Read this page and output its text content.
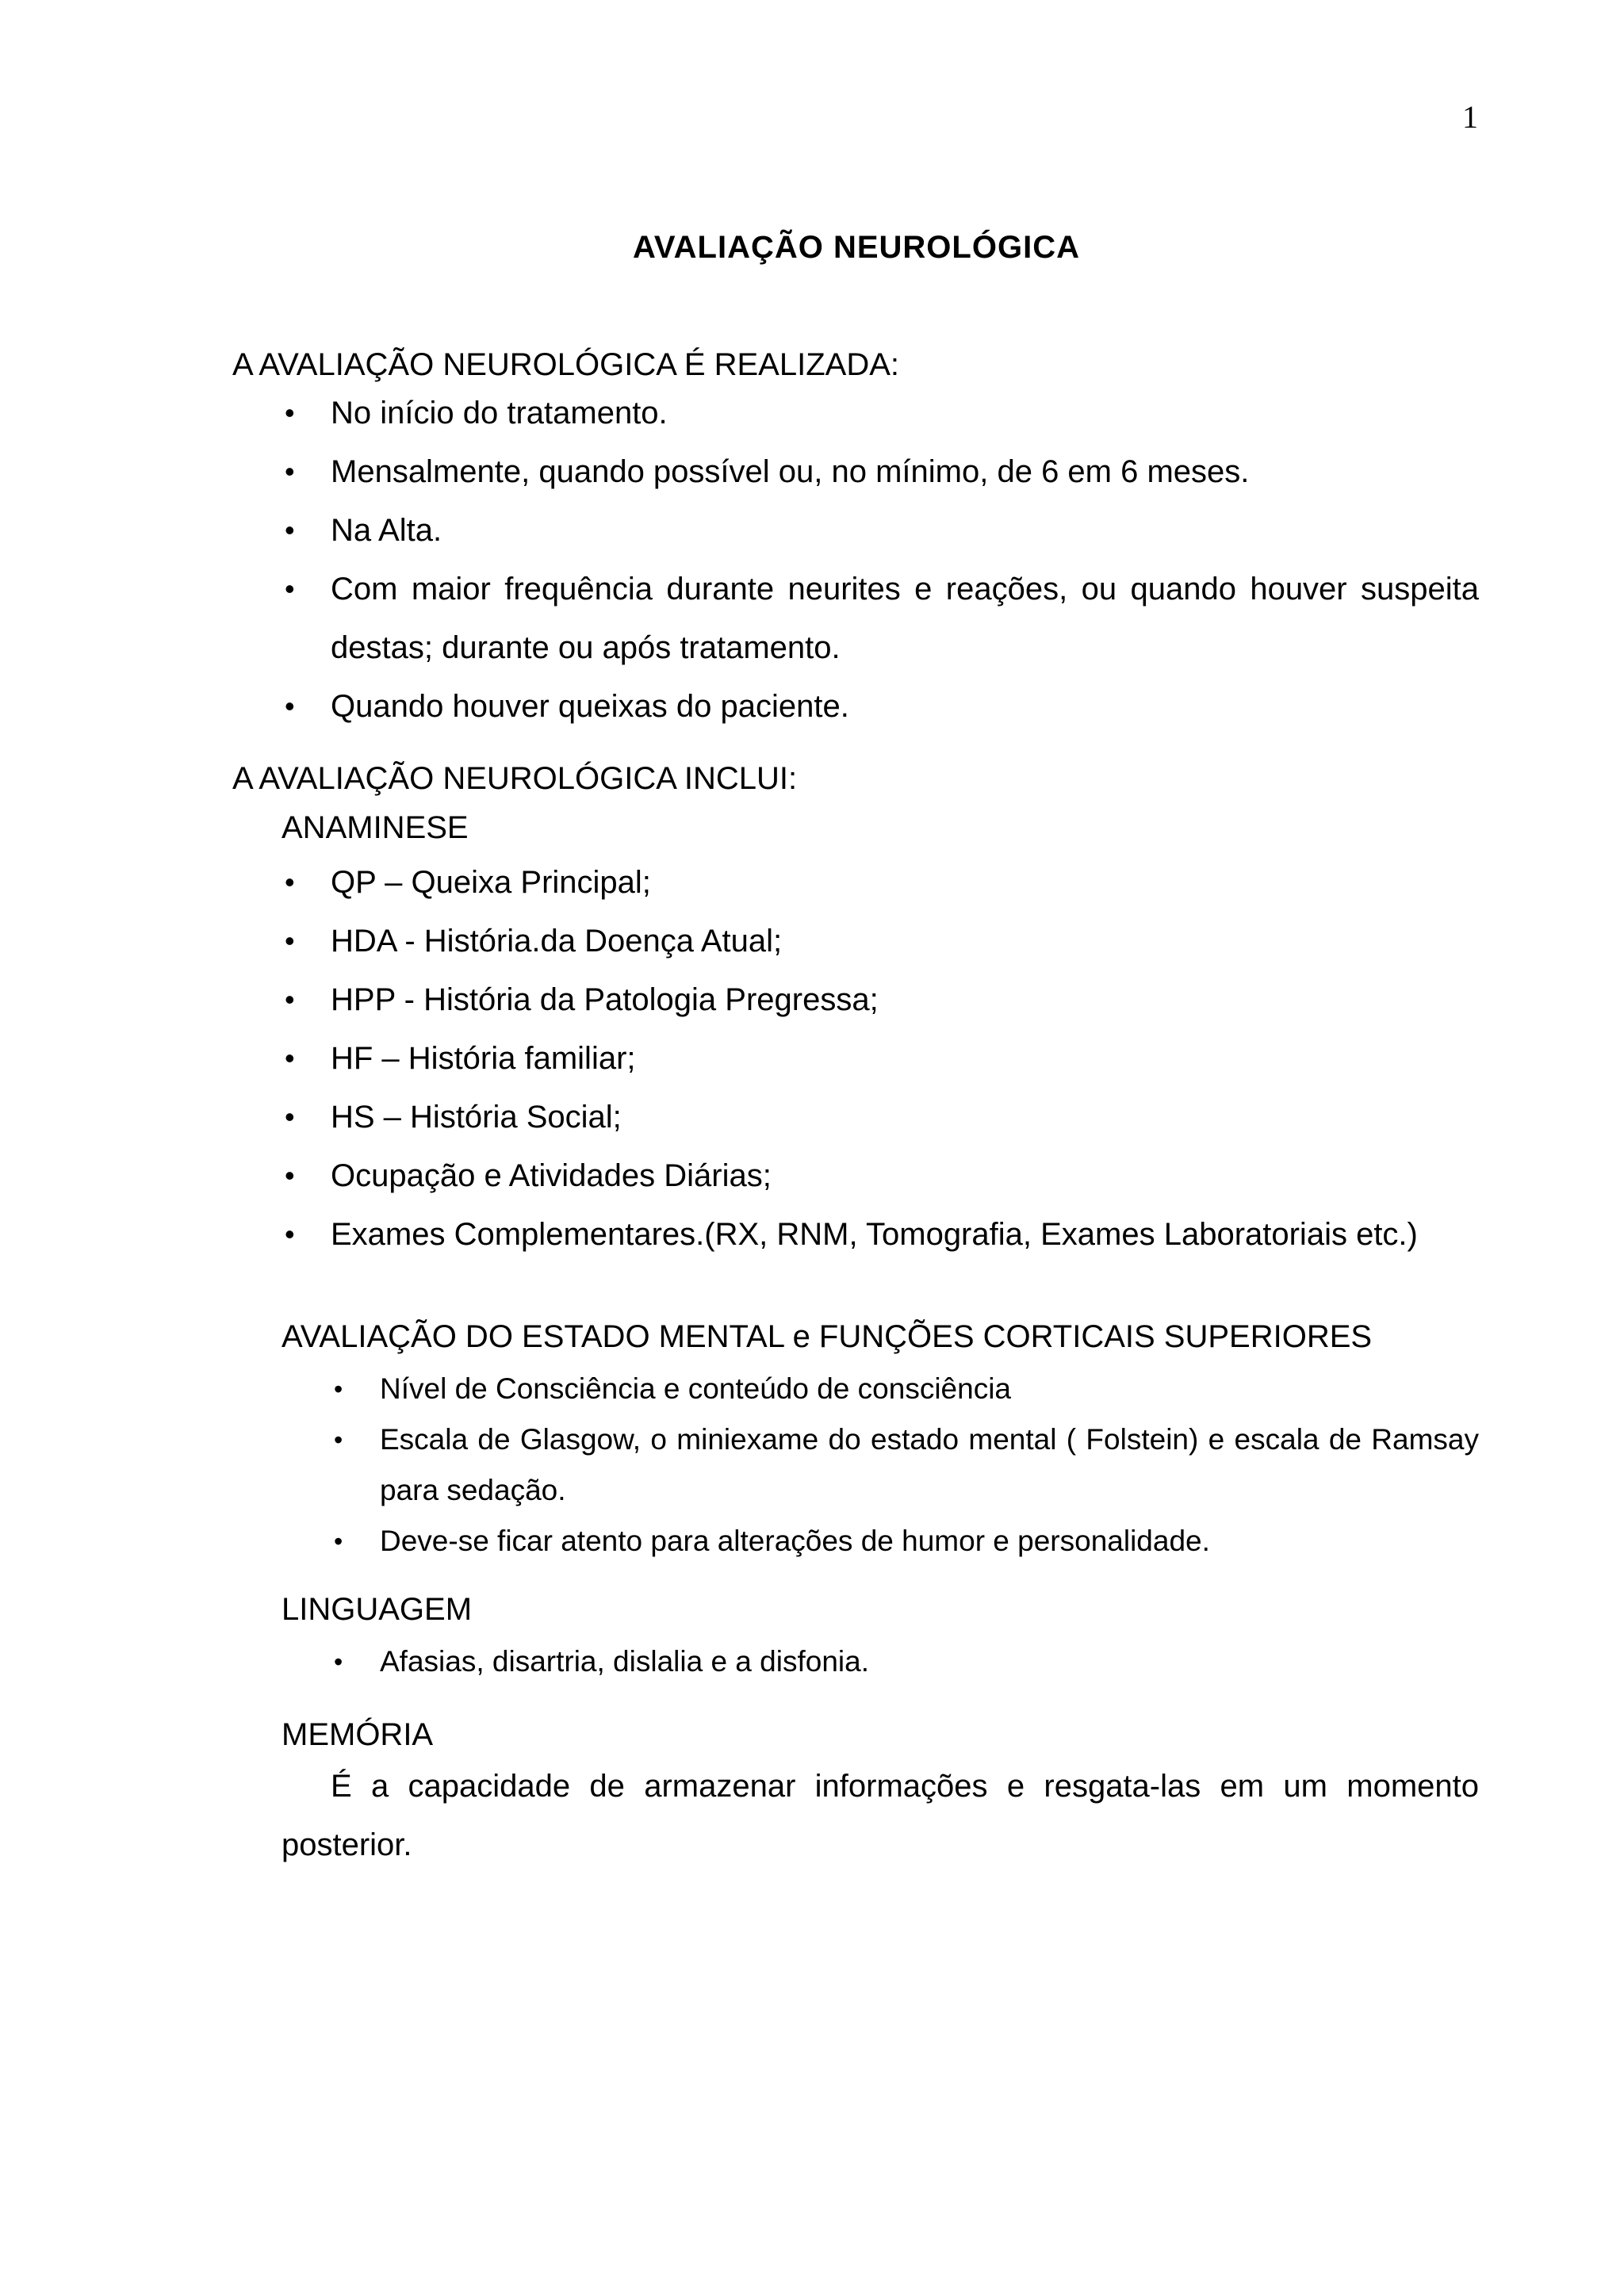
1
AVALIAÇÃO NEUROLÓGICA

A AVALIAÇÃO NEUROLÓGICA É REALIZADA:

• No início do tratamento.
• Mensalmente, quando possível ou, no mínimo, de 6 em 6 meses.
• Na Alta.
• Com maior frequência durante neurites e reações, ou quando houver suspeita destas; durante ou após tratamento.
• Quando houver queixas do paciente.

A AVALIAÇÃO NEUROLÓGICA INCLUI:

ANAMINESE

• QP – Queixa Principal;
• HDA - História.da Doença Atual;
• HPP - História da Patologia Pregressa;
• HF – História familiar;
• HS – História Social;
• Ocupação e Atividades Diárias;
• Exames Complementares.(RX, RNM, Tomografia, Exames Laboratoriais etc.)

AVALIAÇÃO DO ESTADO MENTAL e FUNÇÕES CORTICAIS SUPERIORES

• Nível de Consciência e conteúdo de consciência
• Escala de Glasgow, o miniexame do estado mental ( Folstein) e escala de Ramsay para sedação.
• Deve-se ficar atento para alterações de humor e personalidade.

LINGUAGEM

• Afasias, disartria, dislalia e a disfonia.

MEMÓRIA

É a capacidade de armazenar informações e resgata-las em um momento posterior.
